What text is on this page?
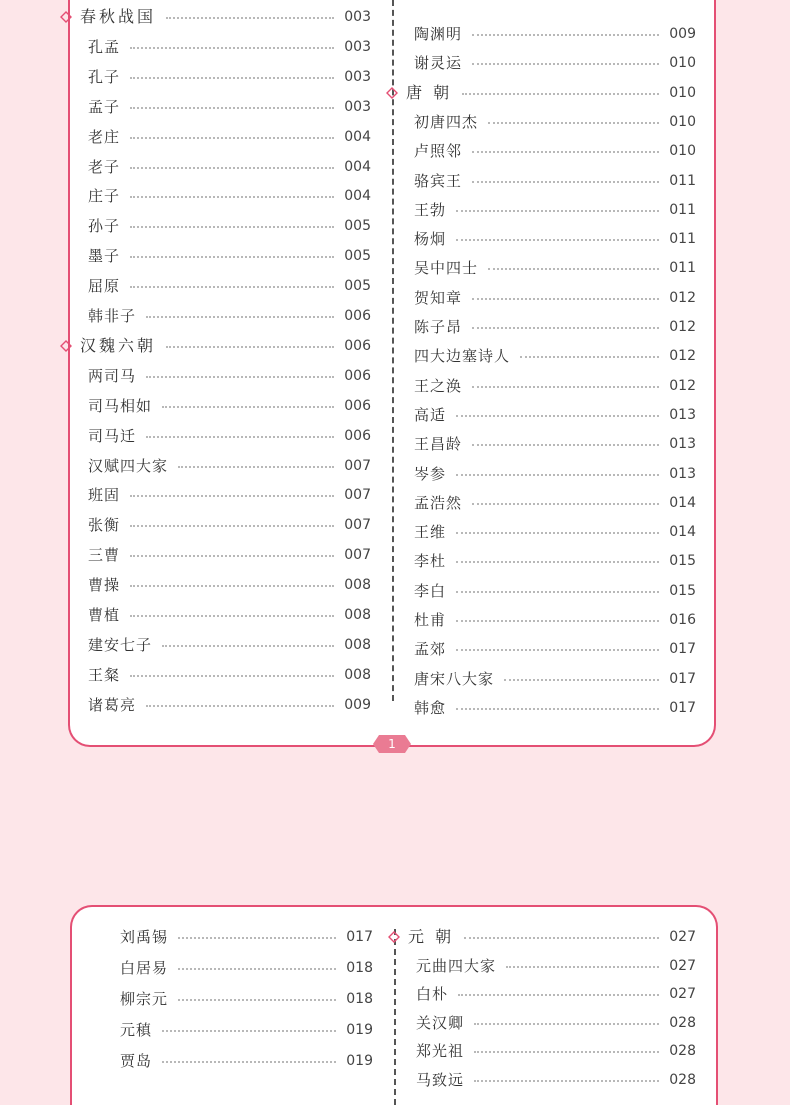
春秋战国	003
孔孟	003
孔子	003
孟子	003
老庄	004
老子	004
庄子	004
孙子	005
墨子	005
屈原	005
韩非子	006
汉魏六朝	006
两司马	006
司马相如	006
司马迁	006
汉赋四大家	007
班固	007
张衡	007
三曹	007
曹操	008
曹植	008
建安七子	008
王粲	008
诸葛亮	009
陶渊明	009
谢灵运	010
唐 朝	010
初唐四杰	010
卢照邻	010
骆宾王	011
王勃	011
杨炯	011
吴中四士	011
贺知章	012
陈子昂	012
四大边塞诗人	012
王之涣	012
高适	013
王昌龄	013
岑参	013
孟浩然	014
王维	014
李杜	015
李白	015
杜甫	016
孟郊	017
唐宋八大家	017
韩愈	017
1
刘禹锡	017
白居易	018
柳宗元	018
元稹	019
贾岛	019
元 朝	027
元曲四大家	027
白朴	027
关汉卿	028
郑光祖	028
马致远	028
